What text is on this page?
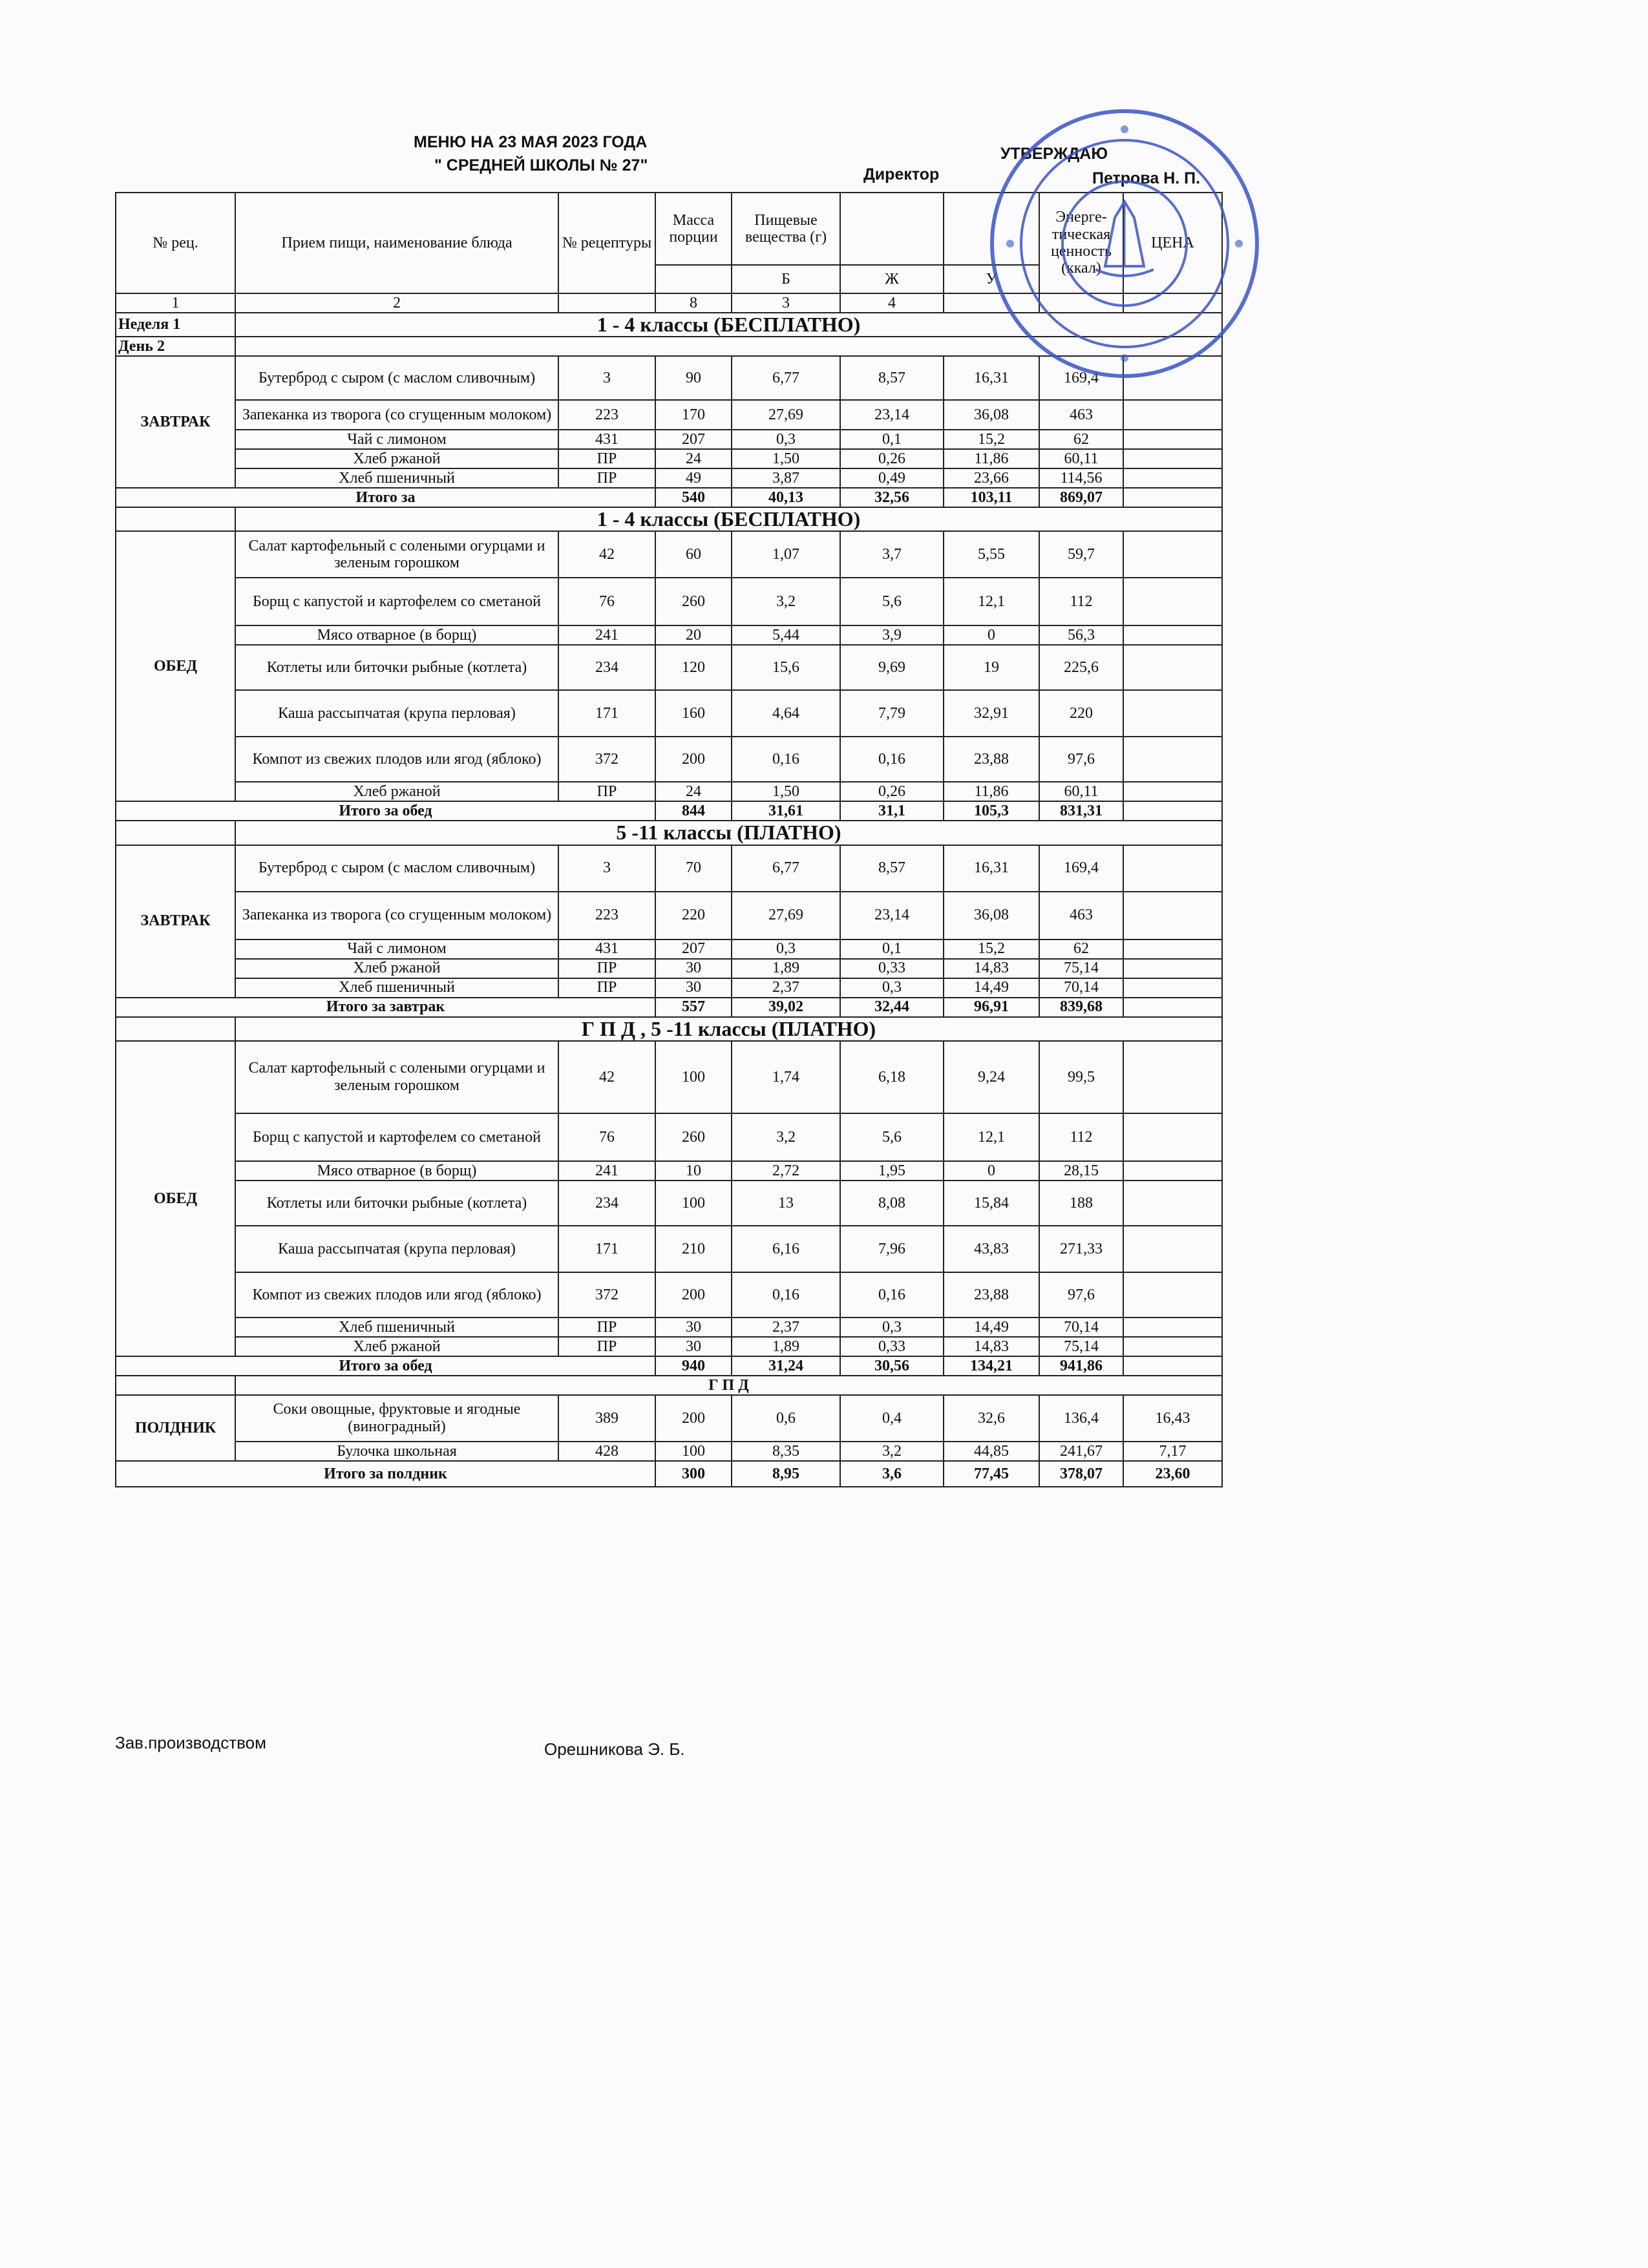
МЕНЮ НА 23 МАЯ 2023 ГОДА
" СРЕДНЕЙ ШКОЛЫ № 27"
УТВЕРЖДАЮ
Директор	Петрова Н. П.
№ рец.	Прием пищи, наименование блюда	№ рецептуры	Масса порции	Пищевые вещества (г)			Энерге-тическая ценность (ккал)	ЦЕНА
				Б	Ж	У		
1	2		8	3	4			
Неделя 1	1 - 4 классы (БЕСПЛАТНО)							
День 2								
ЗАВТРАК	Бутерброд с сыром (с маслом сливочным)	3	90	6,77	8,57	16,31	169,4	
	Запеканка из творога (со сгущенным молоком)	223	170	27,69	23,14	36,08	463	
	Чай с лимоном	431	207	0,3	0,1	15,2	62	
	Хлеб ржаной	ПР	24	1,50	0,26	11,86	60,11	
	Хлеб пшеничный	ПР	49	3,87	0,49	23,66	114,56	
Итого за			540	40,13	32,56	103,11	869,07	
	1 - 4 классы (БЕСПЛАТНО)							
ОБЕД	Салат картофельный с солеными огурцами и зеленым горошком	42	60	1,07	3,7	5,55	59,7	
	Борщ с капустой и картофелем со сметаной	76	260	3,2	5,6	12,1	112	
	Мясо отварное (в борщ)	241	20	5,44	3,9	0	56,3	
	Котлеты или биточки рыбные (котлета)	234	120	15,6	9,69	19	225,6	
	Каша рассыпчатая (крупа перловая)	171	160	4,64	7,79	32,91	220	
	Компот из свежих плодов или ягод (яблоко)	372	200	0,16	0,16	23,88	97,6	
	Хлеб ржаной	ПР	24	1,50	0,26	11,86	60,11	
Итого за обед			844	31,61	31,1	105,3	831,31	
	5 -11 классы (ПЛАТНО)							
ЗАВТРАК	Бутерброд с сыром (с маслом сливочным)	3	70	6,77	8,57	16,31	169,4	
	Запеканка из творога (со сгущенным молоком)	223	220	27,69	23,14	36,08	463	
	Чай с лимоном	431	207	0,3	0,1	15,2	62	
	Хлеб ржаной	ПР	30	1,89	0,33	14,83	75,14	
	Хлеб пшеничный	ПР	30	2,37	0,3	14,49	70,14	
Итого за завтрак			557	39,02	32,44	96,91	839,68	
	Г П Д , 5 -11 классы (ПЛАТНО)							
ОБЕД	Салат картофельный с солеными огурцами и зеленым горошком	42	100	1,74	6,18	9,24	99,5	
	Борщ с капустой и картофелем со сметаной	76	260	3,2	5,6	12,1	112	
	Мясо отварное (в борщ)	241	10	2,72	1,95	0	28,15	
	Котлеты или биточки рыбные (котлета)	234	100	13	8,08	15,84	188	
	Каша рассыпчатая (крупа перловая)	171	210	6,16	7,96	43,83	271,33	
	Компот из свежих плодов или ягод (яблоко)	372	200	0,16	0,16	23,88	97,6	
	Хлеб пшеничный	ПР	30	2,37	0,3	14,49	70,14	
	Хлеб ржаной	ПР	30	1,89	0,33	14,83	75,14	
Итого за обед			940	31,24	30,56	134,21	941,86	
	Г П Д							
ПОЛДНИК	Соки овощные, фруктовые и ягодные (виноградный)	389	200	0,6	0,4	32,6	136,4	16,43
	Булочка школьная	428	100	8,35	3,2	44,85	241,67	7,17
Итого за полдник			300	8,95	3,6	77,45	378,07	23,60
Зав.производством	Орешникова Э. Б.
